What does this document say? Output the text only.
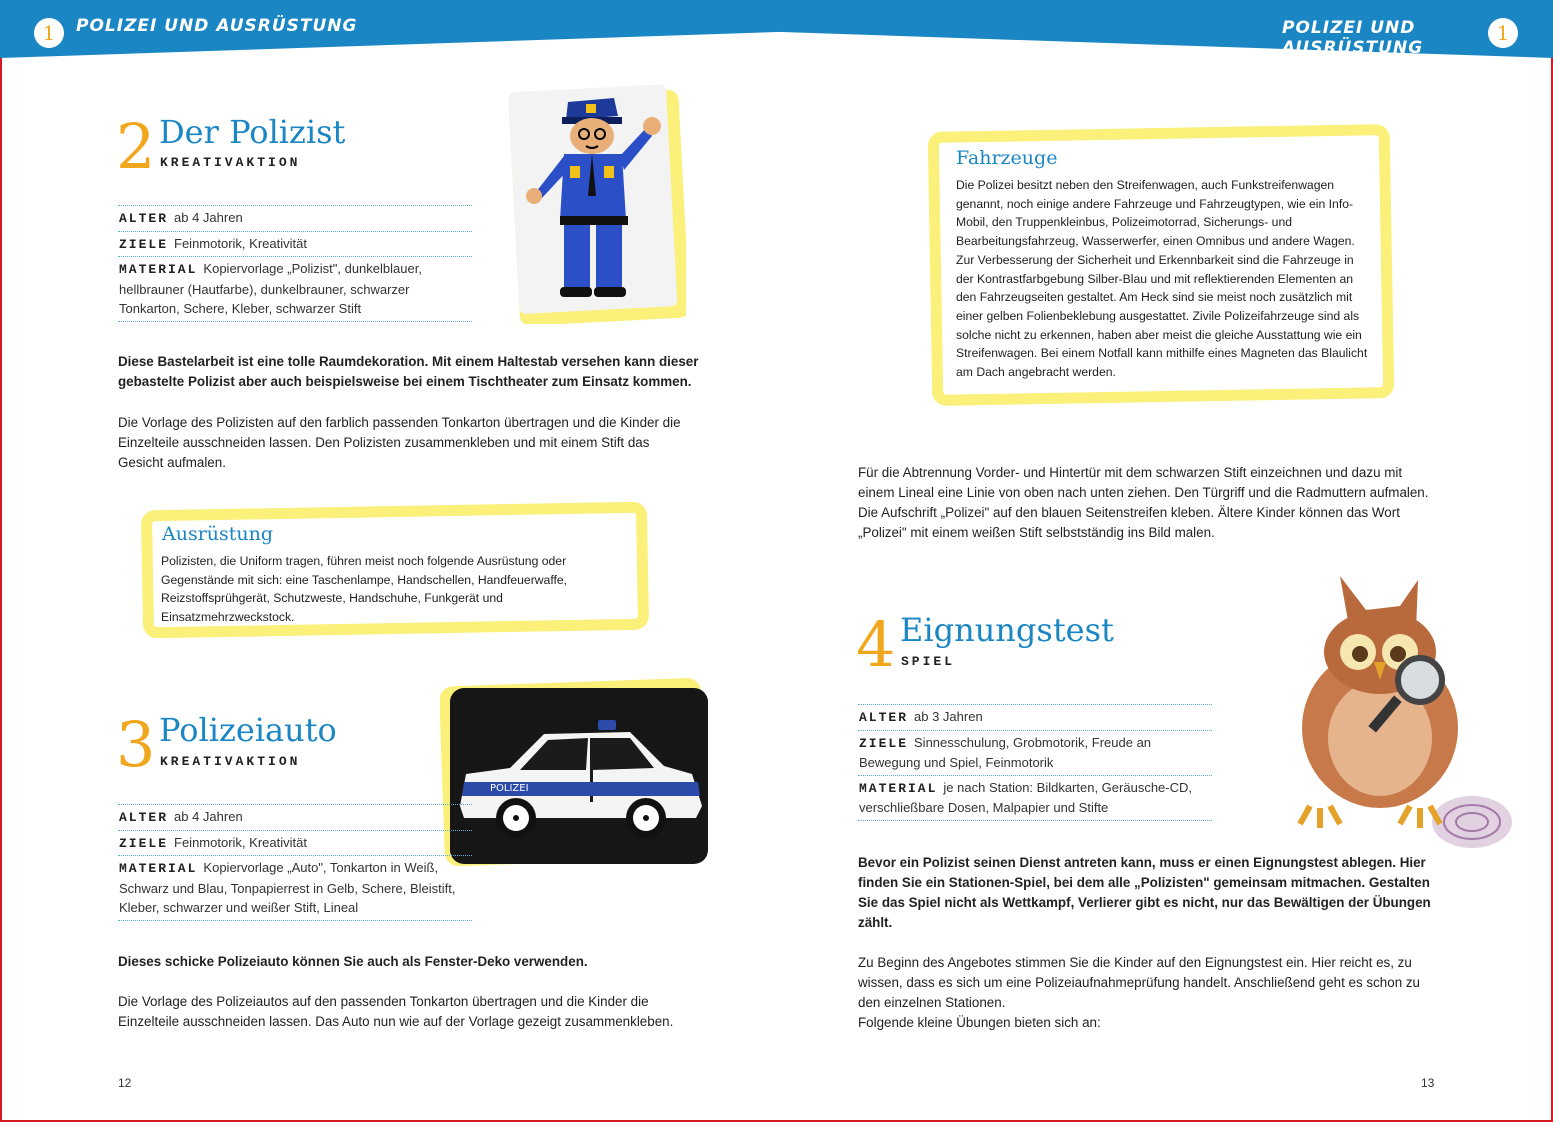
1	POLIZEI UND AUSRÜSTUNG	POLIZEI UND AUSRÜSTUNG
1
2 Der Polizist
KREATIVAKTION
ALTER ab 4 Jahren
ZIELE Feinmotorik, Kreativität
MATERIAL Kopiervorlage „Polizist", dunkelblauer, hellbrauner (Hautfarbe), dunkelbrauner, schwarzer Tonkarton, Schere, Kleber, schwarzer Stift
Diese Bastelarbeit ist eine tolle Raumdekoration. Mit einem Haltestab versehen kann dieser gebastelte Polizist aber auch beispielsweise bei einem Tischtheater zum Einsatz kommen.
Die Vorlage des Polizisten auf den farblich passenden Tonkarton übertragen und die Kinder die Einzelteile ausschneiden lassen. Den Polizisten zusammenkleben und mit einem Stift das Gesicht aufmalen.
Ausrüstung
Polizisten, die Uniform tragen, führen meist noch folgende Ausrüstung oder Gegenstände mit sich: eine Taschenlampe, Handschellen, Handfeuerwaffe, Reizstoffsprühgerät, Schutzweste, Handschuhe, Funkgerät und Einsatzmehrzweckstock.
3 Polizeiauto
KREATIVAKTION
POLIZEI
ALTER ab 4 Jahren
ZIELE Feinmotorik, Kreativität
MATERIAL Kopiervorlage „Auto", Tonkarton in Weiß, Schwarz und Blau, Tonpapierrest in Gelb, Schere, Bleistift, Kleber, schwarzer und weißer Stift, Lineal
Dieses schicke Polizeiauto können Sie auch als Fenster-Deko verwenden.
Die Vorlage des Polizeiautos auf den passenden Tonkarton übertragen und die Kinder die Einzelteile ausschneiden lassen. Das Auto nun wie auf der Vorlage gezeigt zusammenkleben.
12
Fahrzeuge
Die Polizei besitzt neben den Streifenwagen, auch Funkstreifenwagen genannt, noch einige andere Fahrzeuge und Fahrzeugtypen, wie ein Info-Mobil, den Truppenkleinbus, Polizeimotorrad, Sicherungs- und Bearbeitungsfahrzeug, Wasserwerfer, einen Omnibus und andere Wagen. Zur Verbesserung der Sicherheit und Erkennbarkeit sind die Fahrzeuge in der Kontrastfarbgebung Silber-Blau und mit reflektierenden Elementen an den Fahrzeugseiten gestaltet. Am Heck sind sie meist noch zusätzlich mit einer gelben Folienbeklebung ausgestattet. Zivile Polizeifahrzeuge sind als solche nicht zu erkennen, haben aber meist die gleiche Ausstattung wie ein Streifenwagen. Bei einem Notfall kann mithilfe eines Magneten das Blaulicht am Dach angebracht werden.
Für die Abtrennung Vorder- und Hintertür mit dem schwarzen Stift einzeichnen und dazu mit einem Lineal eine Linie von oben nach unten ziehen. Den Türgriff und die Radmuttern aufmalen. Die Aufschrift „Polizei" auf den blauen Seitenstreifen kleben. Ältere Kinder können das Wort „Polizei" mit einem weißen Stift selbstständig ins Bild malen.
4 Eignungstest
SPIEL
ALTER ab 3 Jahren
ZIELE Sinnesschulung, Grobmotorik, Freude an Bewegung und Spiel, Feinmotorik
MATERIAL je nach Station: Bildkarten, Geräusche-CD, verschließbare Dosen, Malpapier und Stifte
Bevor ein Polizist seinen Dienst antreten kann, muss er einen Eignungstest ablegen. Hier finden Sie ein Stationen-Spiel, bei dem alle „Polizisten" gemeinsam mitmachen. Gestalten Sie das Spiel nicht als Wettkampf, Verlierer gibt es nicht, nur das Bewältigen der Übungen zählt.
Zu Beginn des Angebotes stimmen Sie die Kinder auf den Eignungstest ein. Hier reicht es, zu wissen, dass es sich um eine Polizeiaufnahmeprüfung handelt. Anschließend geht es schon zu den einzelnen Stationen.
Folgende kleine Übungen bieten sich an:
13
